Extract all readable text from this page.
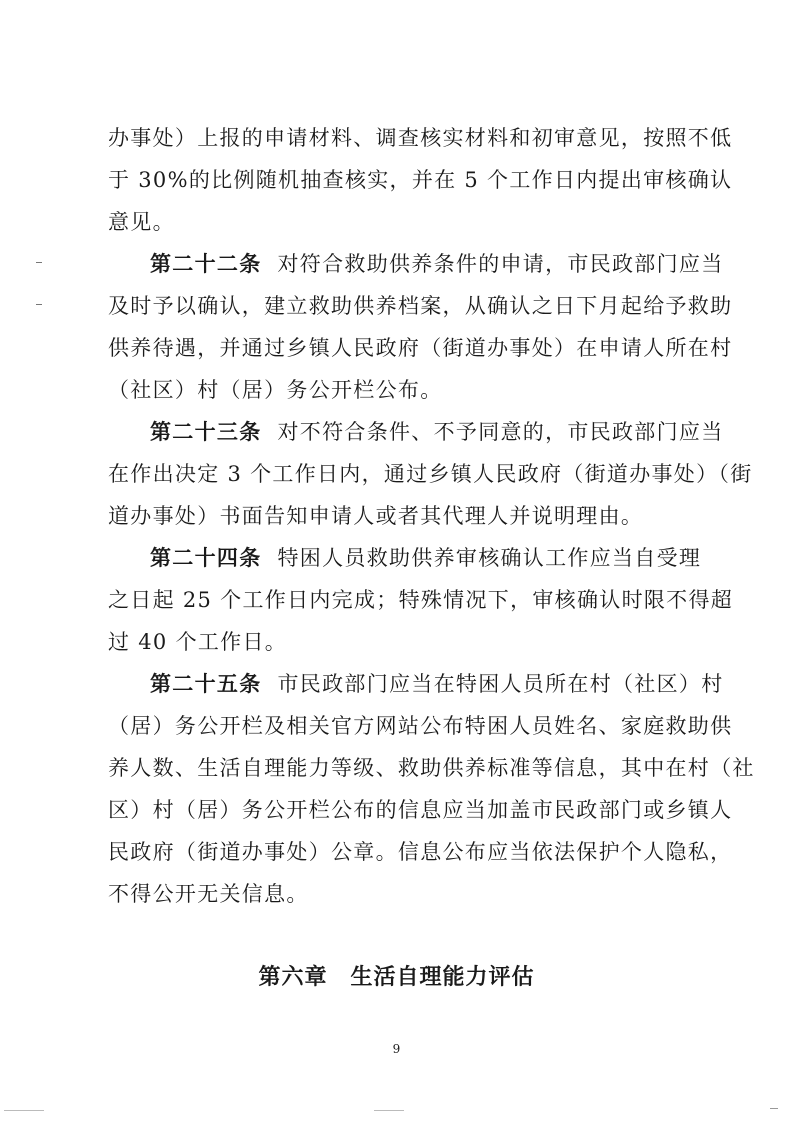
办事处）上报的申请材料、调查核实材料和初审意见，按照不低
于 30%的比例随机抽查核实，并在 5 个工作日内提出审核确认
意见。
第二十二条 对符合救助供养条件的申请，市民政部门应当
及时予以确认，建立救助供养档案，从确认之日下月起给予救助
供养待遇，并通过乡镇人民政府（街道办事处）在申请人所在村
（社区）村（居）务公开栏公布。
第二十三条 对不符合条件、不予同意的，市民政部门应当
在作出决定 3 个工作日内，通过乡镇人民政府（街道办事处）（街
道办事处）书面告知申请人或者其代理人并说明理由。
第二十四条 特困人员救助供养审核确认工作应当自受理
之日起 25 个工作日内完成；特殊情况下，审核确认时限不得超
过 40 个工作日。
第二十五条 市民政部门应当在特困人员所在村（社区）村
（居）务公开栏及相关官方网站公布特困人员姓名、家庭救助供
养人数、生活自理能力等级、救助供养标准等信息，其中在村（社
区）村（居）务公开栏公布的信息应当加盖市民政部门或乡镇人
民政府（街道办事处）公章。信息公布应当依法保护个人隐私，
不得公开无关信息。
第六章　生活自理能力评估
9
